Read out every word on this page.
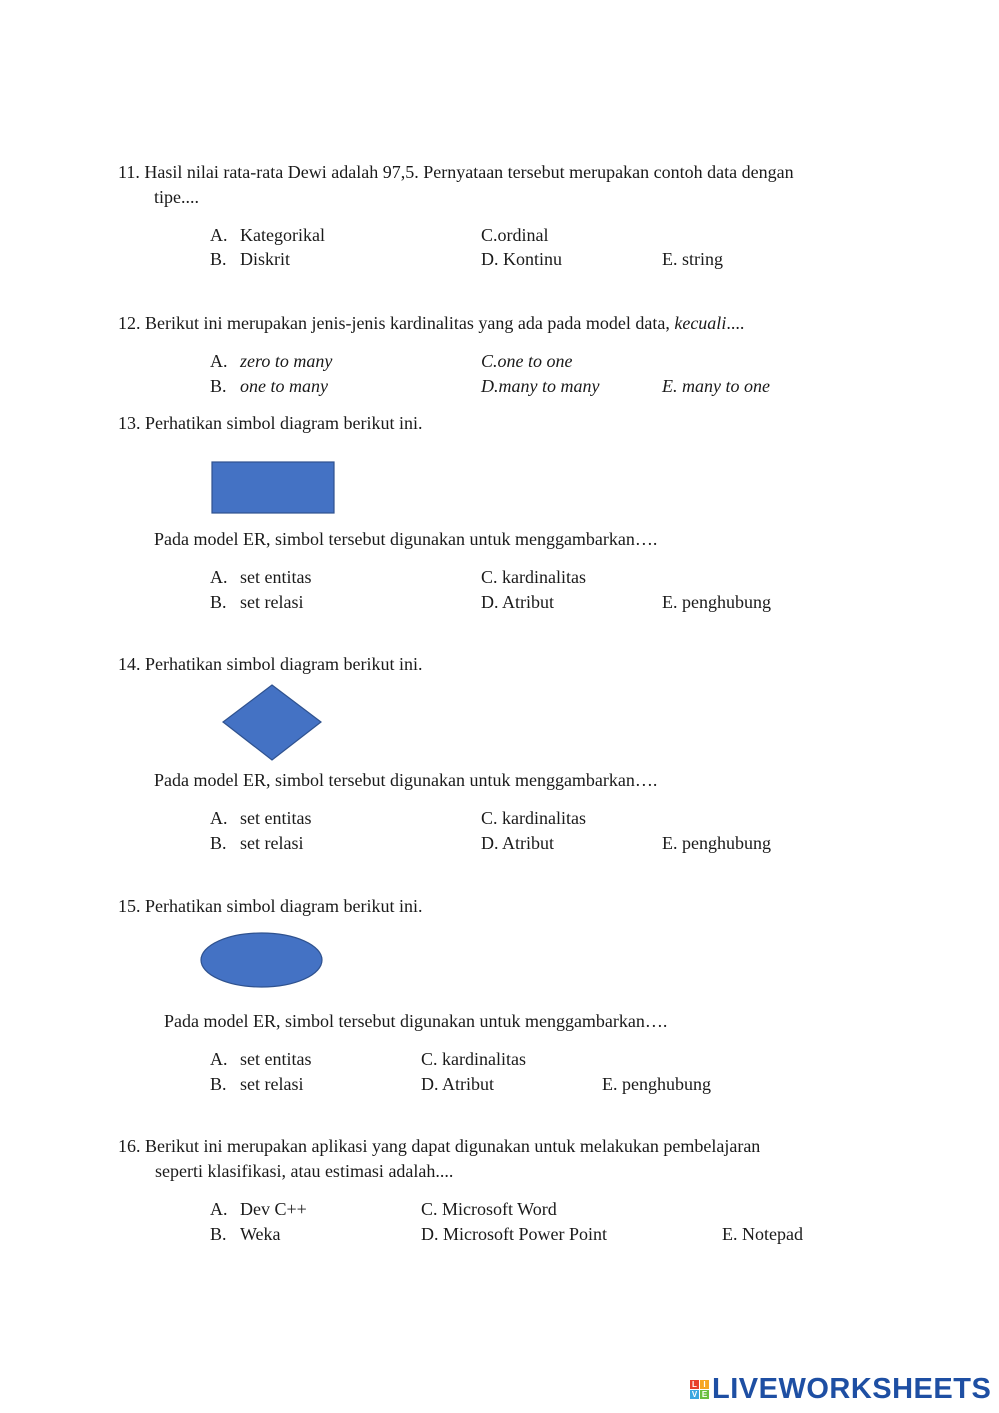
11. Hasil nilai rata-rata Dewi adalah 97,5. Pernyataan tersebut merupakan contoh data dengan
tipe....
A. Kategorikal	C.ordinal
B. Diskrit	D. Kontinu	E. string
12. Berikut ini merupakan jenis-jenis kardinalitas yang ada pada model data, kecuali....
A. zero to many	C.one to one
B. one to many	D.many to many	E. many to one
13. Perhatikan simbol diagram berikut ini.
Pada model ER, simbol tersebut digunakan untuk menggambarkan….
A. set entitas	C. kardinalitas
B. set relasi	D. Atribut	E. penghubung
14. Perhatikan simbol diagram berikut ini.
Pada model ER, simbol tersebut digunakan untuk menggambarkan….
A. set entitas	C. kardinalitas
B. set relasi	D. Atribut	E. penghubung
15. Perhatikan simbol diagram berikut ini.
Pada model ER, simbol tersebut digunakan untuk menggambarkan….
A. set entitas	C. kardinalitas
B. set relasi	D. Atribut	E. penghubung
16. Berikut ini merupakan aplikasi yang dapat digunakan untuk melakukan pembelajaran
seperti klasifikasi, atau estimasi adalah....
A. Dev C++	C. Microsoft Word
B. Weka	D. Microsoft Power Point	E. Notepad
L I
V E LIVEWORKSHEETS
